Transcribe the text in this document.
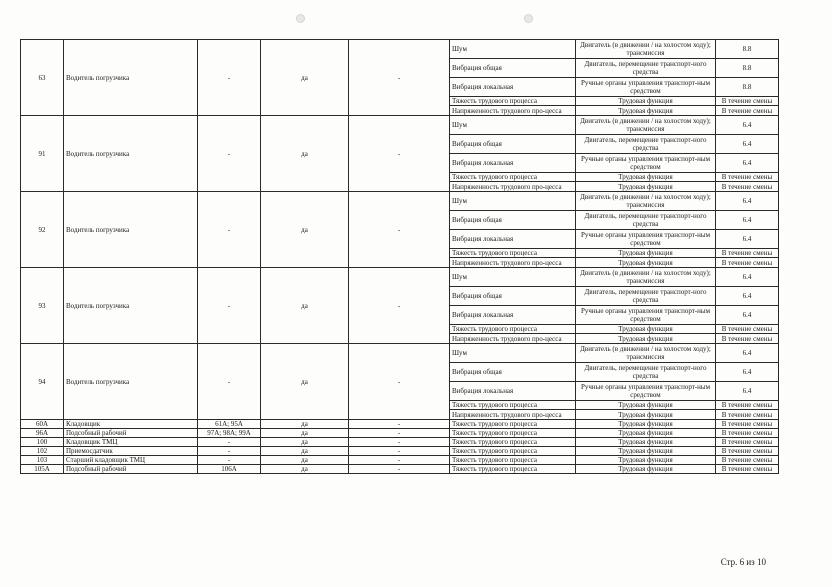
63	Водитель погрузчика	-	да	-	Шум	Двигатель (в движении / на холостом ходу); трансмиссия	8.8
					Вибрация общая	Двигатель, перемещение транспорт-ного средства	8.8
					Вибрация локальная	Ручные органы управления транспорт-ным средством	8.8
					Тяжесть трудового процесса	Трудовая функция	В течение смены
					Напряженность трудового про-цесса	Трудовая функция	В течение смены
91	Водитель погрузчика	-	да	-	Шум	Двигатель (в движении / на холостом ходу); трансмиссия	6.4
					Вибрация общая	Двигатель, перемещение транспорт-ного средства	6.4
					Вибрация локальная	Ручные органы управления транспорт-ным средством	6.4
					Тяжесть трудового процесса	Трудовая функция	В течение смены
					Напряженность трудового про-цесса	Трудовая функция	В течение смены
92	Водитель погрузчика	-	да	-	Шум	Двигатель (в движении / на холостом ходу); трансмиссия	6.4
					Вибрация общая	Двигатель, перемещение транспорт-ного средства	6.4
					Вибрация локальная	Ручные органы управления транспорт-ным средством	6.4
					Тяжесть трудового процесса	Трудовая функция	В течение смены
					Напряженность трудового про-цесса	Трудовая функция	В течение смены
93	Водитель погрузчика	-	да	-	Шум	Двигатель (в движении / на холостом ходу); трансмиссия	6.4
					Вибрация общая	Двигатель, перемещение транспорт-ного средства	6.4
					Вибрация локальная	Ручные органы управления транспорт-ным средством	6.4
					Тяжесть трудового процесса	Трудовая функция	В течение смены
					Напряженность трудового про-цесса	Трудовая функция	В течение смены
94	Водитель погрузчика	-	да	-	Шум	Двигатель (в движении / на холостом ходу); трансмиссия	6.4
					Вибрация общая	Двигатель, перемещение транспорт-ного средства	6.4
					Вибрация локальная	Ручные органы управления транспорт-ным средством	6.4
					Тяжесть трудового процесса	Трудовая функция	В течение смены
					Напряженность трудового про-цесса	Трудовая функция	В течение смены
60А	Кладовщик	61А; 95А	да	-	Тяжесть трудового процесса	Трудовая функция	В течение смены
96А	Подсобный рабочий	97А; 98А; 99А	да	-	Тяжесть трудового процесса	Трудовая функция	В течение смены
100	Кладовщик ТМЦ	-	да	-	Тяжесть трудового процесса	Трудовая функция	В течение смены
102	Приемосдатчик	-	да	-	Тяжесть трудового процесса	Трудовая функция	В течение смены
103	Старший кладовщик ТМЦ	-	да	-	Тяжесть трудового процесса	Трудовая функция	В течение смены
105А	Подсобный рабочий	106А	да	-	Тяжесть трудового процесса	Трудовая функция	В течение смены
Стр. 6 из 10
